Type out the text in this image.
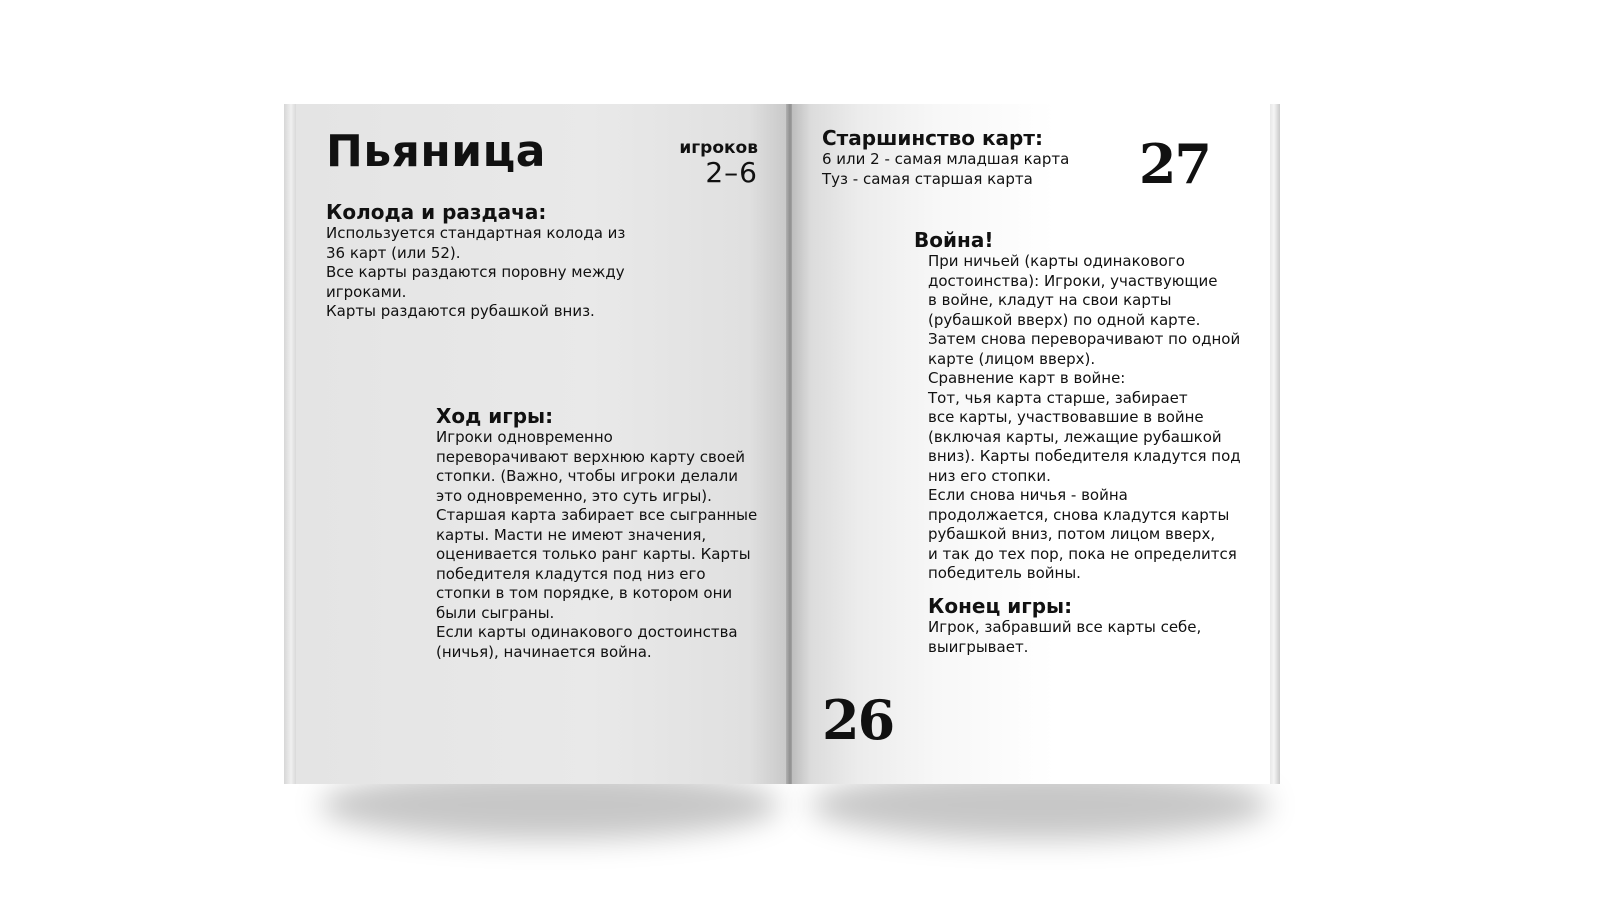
Пьяница	игроков
2–6
Колода и раздача:
Используется стандартная колода из
36 карт (или 52).
Все карты раздаются поровну между
игроками.
Карты раздаются рубашкой вниз.
Ход игры:
Игроки одновременно
переворачивают верхнюю карту своей
стопки. (Важно, чтобы игроки делали
это одновременно, это суть игры).
Старшая карта забирает все сыгранные
карты. Масти не имеют значения,
оценивается только ранг карты. Карты
победителя кладутся под низ его
стопки в том порядке, в котором они
были сыграны.
Если карты одинакового достоинства
(ничья), начинается война.
Старшинство карт:
6 или 2 - самая младшая карта
Туз - самая старшая карта	27
Война!
При ничьей (карты одинакового
достоинства): Игроки, участвующие
в войне, кладут на свои карты
(рубашкой вверх) по одной карте.
Затем снова переворачивают по одной
карте (лицом вверх).
Сравнение карт в войне:
Тот, чья карта старше, забирает
все карты, участвовавшие в войне
(включая карты, лежащие рубашкой
вниз). Карты победителя кладутся под
низ его стопки.
Если снова ничья - война
продолжается, снова кладутся карты
рубашкой вниз, потом лицом вверх,
и так до тех пор, пока не определится
победитель войны.
Конец игры:
Игрок, забравший все карты себе,
выигрывает.
26
